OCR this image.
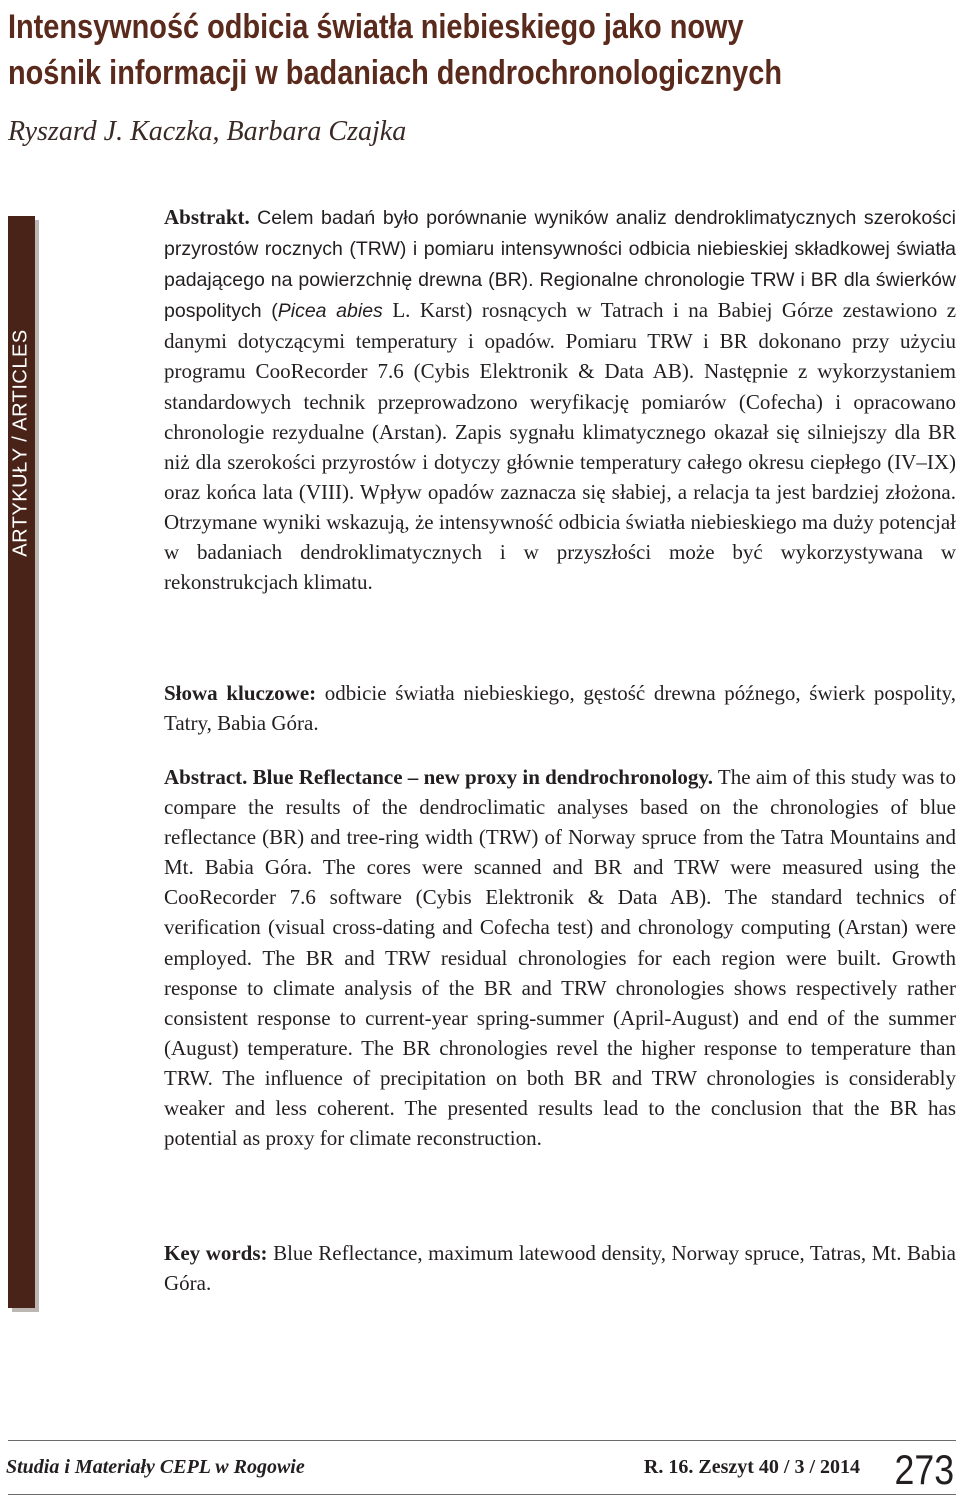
Intensywność odbicia światła niebieskiego jako nowy
nośnik informacji w badaniach dendrochronologicznych
Ryszard J. Kaczka, Barbara Czajka
ARTYKUŁY / ARTICLES

Abstrakt. Celem badań było porównanie wyników analiz dendroklimatycznych szerokości przyrostów rocznych (TRW) i pomiaru intensywności odbicia niebieskiej składkowej światła padającego na powierzchnię drewna (BR). Regionalne chronologie TRW i BR dla świerków pospolitych (Picea abies L. Karst) rosnących w Tatrach i na Babiej Górze zestawiono z danymi dotyczącymi temperatury i opadów. Pomiaru TRW i BR dokonano przy użyciu programu CooRecorder 7.6 (Cybis Elektronik & Data AB). Następnie z wykorzystaniem standardowych technik przeprowadzono weryfikację pomiarów (Cofecha) i opracowano chronologie rezydualne (Arstan). Zapis sygnału klimatycznego okazał się silniejszy dla BR niż dla szerokości przyrostów i dotyczy głównie temperatury całego okresu ciepłego (IV–IX) oraz końca lata (VIII). Wpływ opadów zaznacza się słabiej, a relacja ta jest bardziej złożona. Otrzymane wyniki wskazują, że intensywność odbicia światła niebieskiego ma duży potencjał w badaniach dendroklimatycznych i w przyszłości może być wykorzystywana w rekonstrukcjach klimatu.

Słowa kluczowe: odbicie światła niebieskiego, gęstość drewna późnego, świerk pospolity, Tatry, Babia Góra.

Abstract. Blue Reflectance – new proxy in dendrochronology. The aim of this study was to compare the results of the dendroclimatic analyses based on the chronologies of blue reflectance (BR) and tree-ring width (TRW) of Norway spruce from the Tatra Mountains and Mt. Babia Góra. The cores were scanned and BR and TRW were measured using the CooRecorder 7.6 software (Cybis Elektronik & Data AB). The standard technics of verification (visual cross-dating and Cofecha test) and chronology computing (Arstan) were employed. The BR and TRW residual chronologies for each region were built. Growth response to climate analysis of the BR and TRW chronologies shows respectively rather consistent response to current-year spring-summer (April-August) and end of the summer (August) temperature. The BR chronologies revel the higher response to temperature than TRW. The influence of precipitation on both BR and TRW chronologies is considerably weaker and less coherent. The presented results lead to the conclusion that the BR has potential as proxy for climate reconstruction.

Key words: Blue Reflectance, maximum latewood density, Norway spruce, Tatras, Mt. Babia Góra.

Studia i Materiały CEPL w Rogowie	R. 16. Zeszyt 40 / 3 / 2014 273
